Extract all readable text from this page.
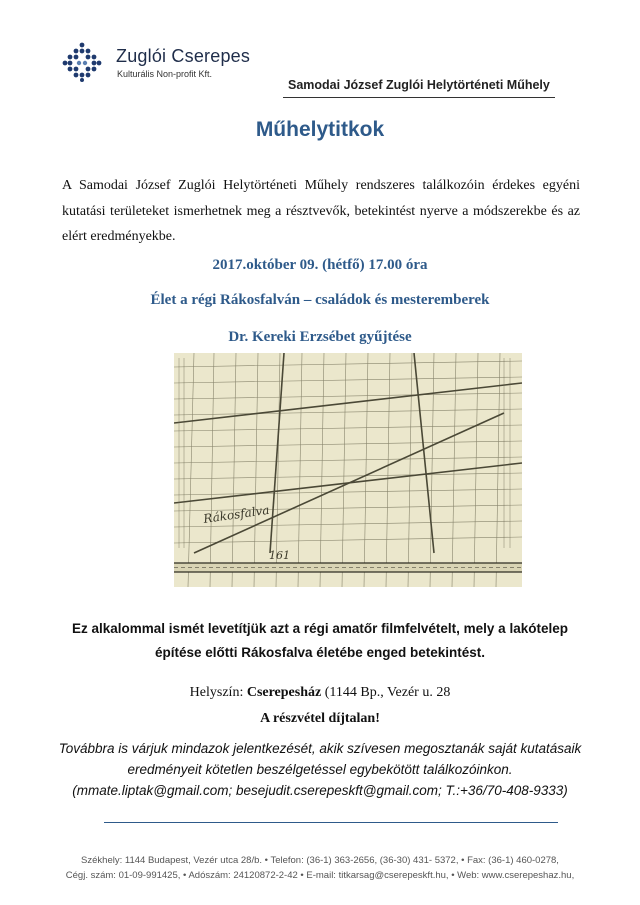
Zuglói Cserepes
Kulturális Non-profit Kft.
Samodai József Zuglói Helytörténeti Műhely
Műhelytitkok
A Samodai József Zuglói Helytörténeti Műhely rendszeres találkozóin érdekes egyéni kutatási területeket ismerhetnek meg a résztvevők, betekintést nyerve a módszerekbe és az elért eredményekbe.
2017.október 09. (hétfő) 17.00 óra
Élet a régi Rákosfalván – családok és mesteremberek
Dr. Kereki Erzsébet gyűjtése
161
Rákosfalva
Ez alkalommal ismét levetítjük azt a régi amatőr filmfelvételt, mely a lakótelep
építése előtti Rákosfalva életébe enged betekintést.
Helyszín: Cserepesház (1144 Bp., Vezér u. 28
A részvétel díjtalan!
Továbbra is várjuk mindazok jelentkezését, akik szívesen megosztanák saját kutatásaik
eredményeit kötetlen beszélgetéssel egybekötött találkozóinkon.
(mmate.liptak@gmail.com; besejudit.cserepeskft@gmail.com; T.:+36/70-408-9333)
Székhely: 1144 Budapest, Vezér utca 28/b. • Telefon: (36-1) 363-2656, (36-30) 431- 5372, • Fax: (36-1) 460-0278,
Cégj. szám: 01-09-991425, • Adószám: 24120872-2-42 • E-mail: titkarsag@cserepeskft.hu, • Web: www.cserepeshaz.hu,
